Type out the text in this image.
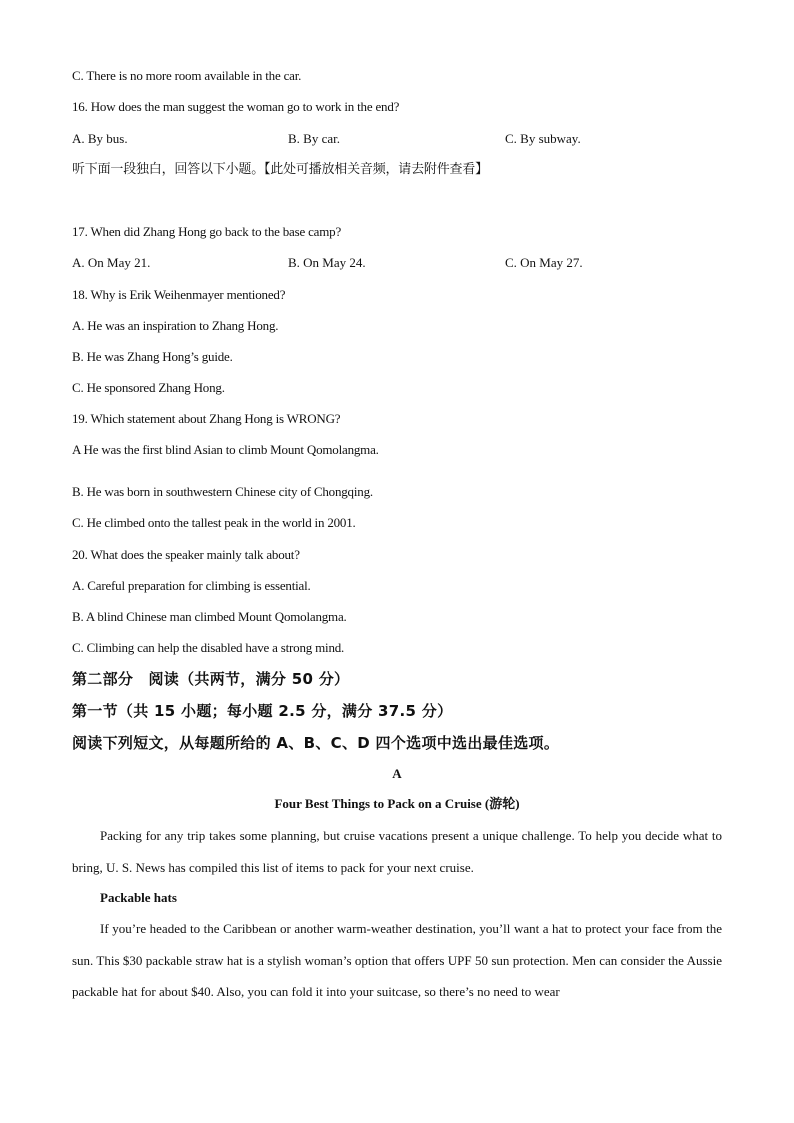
C. There is no more room available in the car.
16. How does the man suggest the woman go to work in the end?
A. By bus.	B. By car.	C. By subway.
听下面一段独白，回答以下小题。【此处可播放相关音频，请去附件查看】
17. When did Zhang Hong go back to the base camp?
A. On May 21.	B. On May 24.	C. On May 27.
18. Why is Erik Weihenmayer mentioned?
A. He was an inspiration to Zhang Hong.
B. He was Zhang Hong’s guide.
C. He sponsored Zhang Hong.
19. Which statement about Zhang Hong is WRONG?
A He was the first blind Asian to climb Mount Qomolangma.
B. He was born in southwestern Chinese city of Chongqing.
C. He climbed onto the tallest peak in the world in 2001.
20. What does the speaker mainly talk about?
A. Careful preparation for climbing is essential.
B. A blind Chinese man climbed Mount Qomolangma.
C. Climbing can help the disabled have a strong mind.
第二部分　阅读（共两节，满分 50 分）
第一节（共 15 小题；每小题 2.5 分，满分 37.5 分）
阅读下列短文，从每题所给的 A、B、C、D 四个选项中选出最佳选项。
A
Four Best Things to Pack on a Cruise (游轮)

Packing for any trip takes some planning, but cruise vacations present a unique challenge. To help you decide what to bring, U. S. News has compiled this list of items to pack for your next cruise.

Packable hats

If you’re headed to the Caribbean or another warm-weather destination, you’ll want a hat to protect your face from the sun. This $30 packable straw hat is a stylish woman’s option that offers UPF 50 sun protection. Men can consider the Aussie packable hat for about $40. Also, you can fold it into your suitcase, so there’s no need to wear
